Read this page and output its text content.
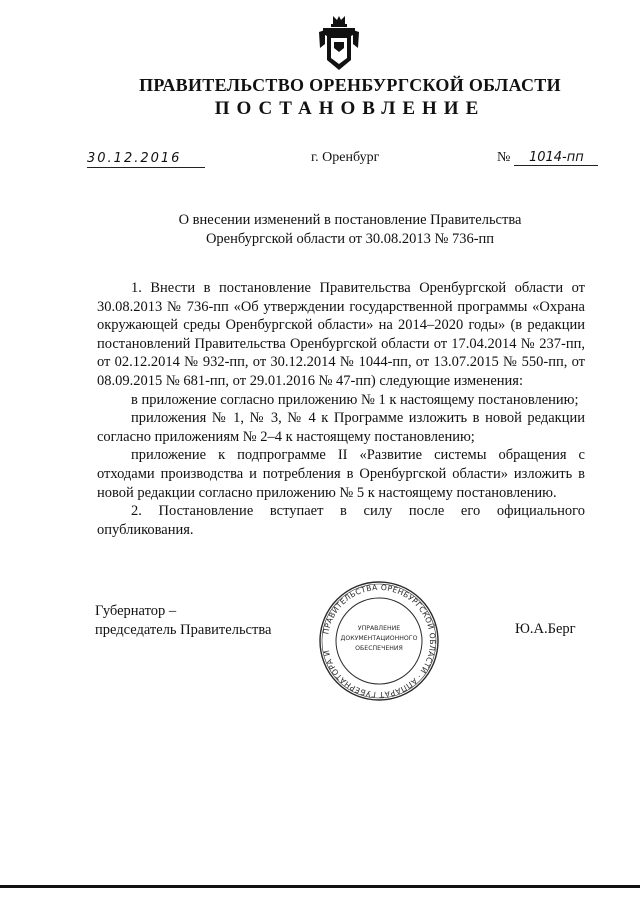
ПРАВИТЕЛЬСТВО ОРЕНБУРГСКОЙ ОБЛАСТИ
ПОСТАНОВЛЕНИЕ
30.12.2016	г. Оренбург	№ 1014-пп
О внесении изменений в постановление Правительства Оренбургской области от 30.08.2013 № 736-пп

1. Внести в постановление Правительства Оренбургской области от 30.08.2013 № 736-пп «Об утверждении государственной программы «Охрана окружающей среды Оренбургской области» на 2014–2020 годы» (в редакции постановлений Правительства Оренбургской области от 17.04.2014 № 237-пп, от 02.12.2014 № 932-пп, от 30.12.2014 № 1044-пп, от 13.07.2015 № 550-пп, от 08.09.2015 № 681-пп, от 29.01.2016 № 47-пп) следующие изменения:

в приложение согласно приложению № 1 к настоящему постановлению;

приложения № 1, № 3, № 4 к Программе изложить в новой редакции согласно приложениям № 2–4 к настоящему постановлению;

приложение к подпрограмме II «Развитие системы обращения с отходами производства и потребления в Оренбургской области» изложить в новой редакции согласно приложению № 5 к настоящему постановлению.

2. Постановление вступает в силу после его официального опубликования.

Губернатор –
председатель Правительства	ПРАВИТЕЛЬСТВА ОРЕНБУРГСКОЙ ОБЛАСТИ · АППАРАТ ГУБЕРНАТОРА И
УПРАВЛЕНИЕ
ДОКУМЕНТАЦИОННОГО
ОБЕСПЕЧЕНИЯ
Ю.А.Берг
